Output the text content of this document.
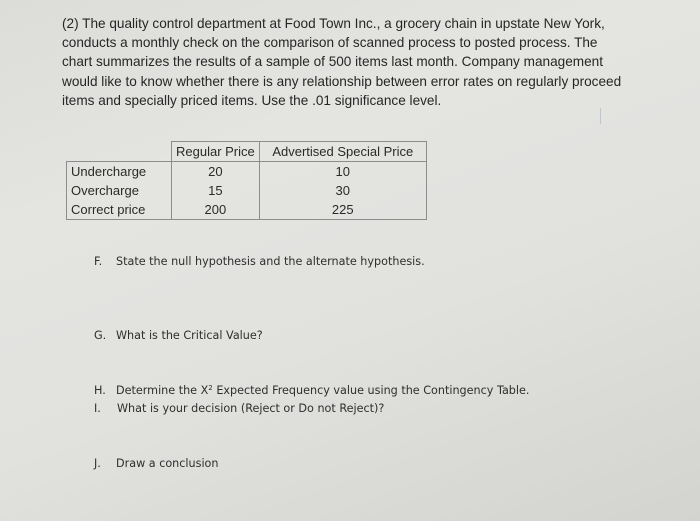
(2) The quality control department at Food Town Inc., a grocery chain in upstate New York,
conducts a monthly check on the comparison of scanned process to posted process. The
chart summarizes the results of a sample of 500 items last month. Company management
would like to know whether there is any relationship between error rates on regularly proceed
items and specially priced items. Use the .01 significance level.

	Regular Price	Advertised Special Price
Undercharge	20	10
Overcharge	15	30
Correct price	200	225
F. State the null hypothesis and the alternate hypothesis.
G. What is the Critical Value?
H. Determine the $X^2$ Expected Frequency value using the Contingency Table.
I. What is your decision (Reject or Do not Reject)?
J. Draw a conclusion
